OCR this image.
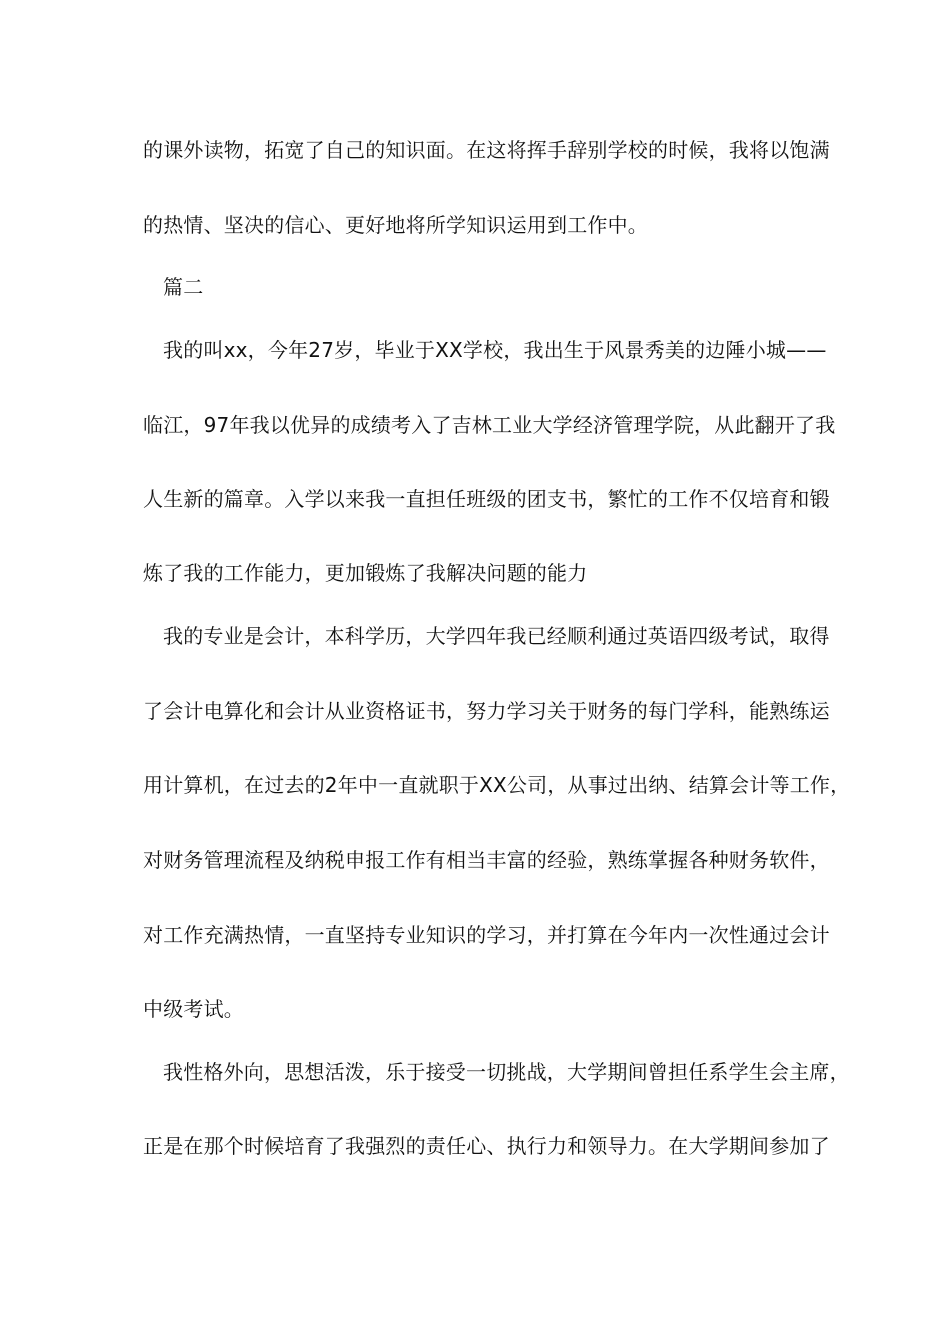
的课外读物，拓宽了自己的知识面。在这将挥手辞别学校的时候，我将以饱满
的热情、坚决的信心、更好地将所学知识运用到工作中。
篇二
我的叫xx，今年27岁，毕业于XX学校，我出生于风景秀美的边陲小城——
临江，97年我以优异的成绩考入了吉林工业大学经济管理学院，从此翻开了我
人生新的篇章。入学以来我一直担任班级的团支书，繁忙的工作不仅培育和锻
炼了我的工作能力，更加锻炼了我解决问题的能力
我的专业是会计，本科学历，大学四年我已经顺利通过英语四级考试，取得
了会计电算化和会计从业资格证书，努力学习关于财务的每门学科，能熟练运
用计算机，在过去的2年中一直就职于XX公司，从事过出纳、结算会计等工作，
对财务管理流程及纳税申报工作有相当丰富的经验，熟练掌握各种财务软件，
对工作充满热情，一直坚持专业知识的学习，并打算在今年内一次性通过会计
中级考试。
我性格外向，思想活泼，乐于接受一切挑战，大学期间曾担任系学生会主席，
正是在那个时候培育了我强烈的责任心、执行力和领导力。在大学期间参加了
